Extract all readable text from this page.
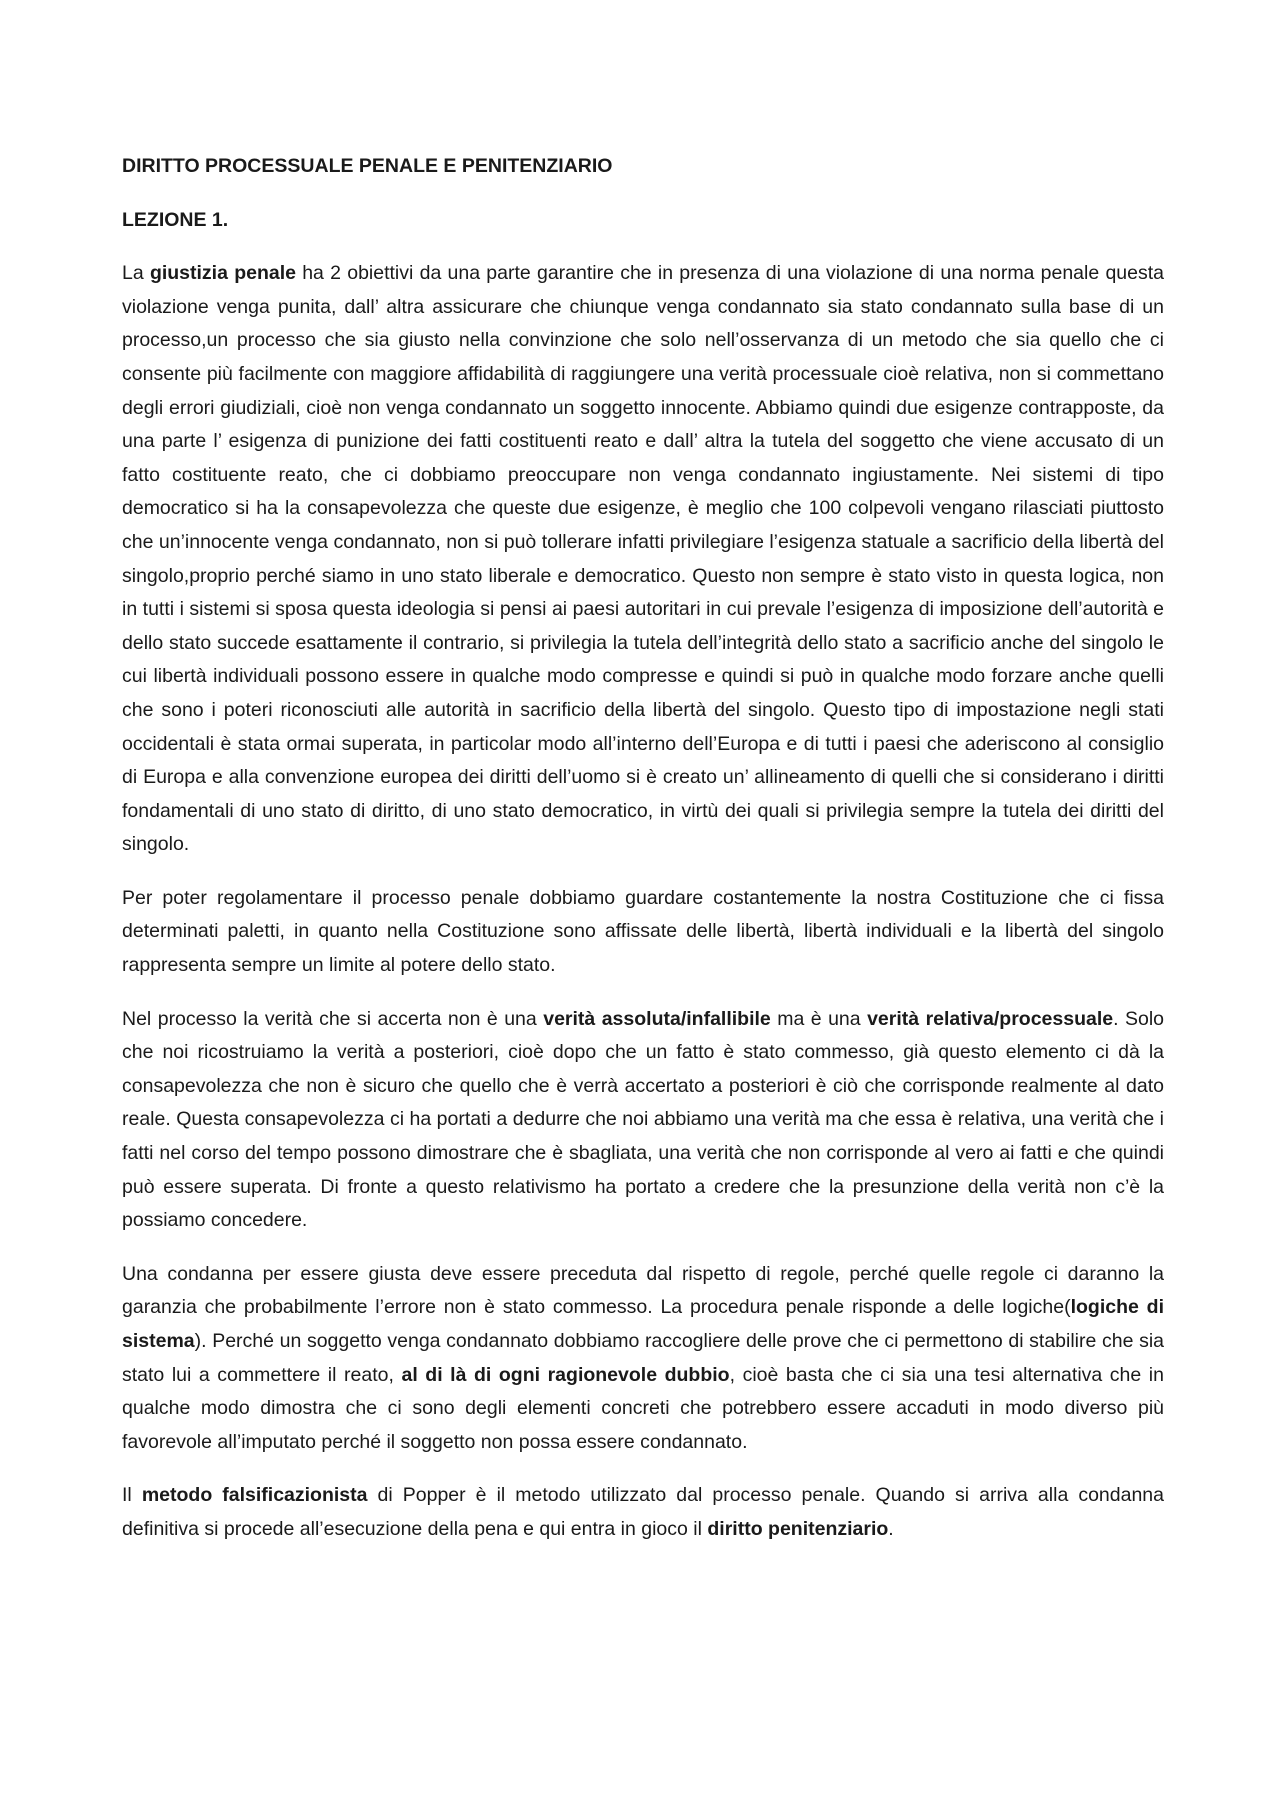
DIRITTO PROCESSUALE PENALE E PENITENZIARIO
LEZIONE 1.

La giustizia penale ha 2 obiettivi da una parte garantire che in presenza di una violazione di una norma penale questa violazione venga punita, dall’ altra assicurare che chiunque venga condannato sia stato condannato sulla base di un processo,un processo che sia giusto nella convinzione che solo nell’osservanza di un metodo che sia quello che ci consente più facilmente con maggiore affidabilità di raggiungere una verità processuale cioè relativa, non si commettano degli errori giudiziali, cioè non venga condannato un soggetto innocente. Abbiamo quindi due esigenze contrapposte, da una parte l’ esigenza di punizione dei fatti costituenti reato e dall’ altra la tutela del soggetto che viene accusato di un fatto costituente reato, che ci dobbiamo preoccupare non venga condannato ingiustamente. Nei sistemi di tipo democratico si ha la consapevolezza che queste due esigenze, è meglio che 100 colpevoli vengano rilasciati piuttosto che un’innocente venga condannato, non si può tollerare infatti privilegiare l’esigenza statuale a sacrificio della libertà del singolo,proprio perché siamo in uno stato liberale e democratico. Questo non sempre è stato visto in questa logica, non in tutti i sistemi si sposa questa ideologia si pensi ai paesi autoritari in cui prevale l’esigenza di imposizione dell’autorità e dello stato succede esattamente il contrario, si privilegia la tutela dell’integrità dello stato a sacrificio anche del singolo le cui libertà individuali possono essere in qualche modo compresse e quindi si può in qualche modo forzare anche quelli che sono i poteri riconosciuti alle autorità in sacrificio della libertà del singolo. Questo tipo di impostazione negli stati occidentali è stata ormai superata, in particolar modo all’interno dell’Europa e di tutti i paesi che aderiscono al consiglio di Europa e alla convenzione europea dei diritti dell’uomo si è creato un’ allineamento di quelli che si considerano i diritti fondamentali di uno stato di diritto, di uno stato democratico, in virtù dei quali si privilegia sempre la tutela dei diritti del singolo.

Per poter regolamentare il processo penale dobbiamo guardare costantemente la nostra Costituzione che ci fissa determinati paletti, in quanto nella Costituzione sono affissate delle libertà, libertà individuali e la libertà del singolo rappresenta sempre un limite al potere dello stato.

Nel processo la verità che si accerta non è una verità assoluta/infallibile ma è una verità relativa/processuale. Solo che noi ricostruiamo la verità a posteriori, cioè dopo che un fatto è stato commesso, già questo elemento ci dà la consapevolezza che non è sicuro che quello che è verrà accertato a posteriori è ciò che corrisponde realmente al dato reale. Questa consapevolezza ci ha portati a dedurre che noi abbiamo una verità ma che essa è relativa, una verità che i fatti nel corso del tempo possono dimostrare che è sbagliata, una verità che non corrisponde al vero ai fatti e che quindi può essere superata. Di fronte a questo relativismo ha portato a credere che la presunzione della verità non c’è la possiamo concedere.

Una condanna per essere giusta deve essere preceduta dal rispetto di regole, perché quelle regole ci daranno la garanzia che probabilmente l’errore non è stato commesso. La procedura penale risponde a delle logiche(logiche di sistema). Perché un soggetto venga condannato dobbiamo raccogliere delle prove che ci permettono di stabilire che sia stato lui a commettere il reato, al di là di ogni ragionevole dubbio, cioè basta che ci sia una tesi alternativa che in qualche modo dimostra che ci sono degli elementi concreti che potrebbero essere accaduti in modo diverso più favorevole all’imputato perché il soggetto non possa essere condannato.

Il metodo falsificazionista di Popper è il metodo utilizzato dal processo penale. Quando si arriva alla condanna definitiva si procede all’esecuzione della pena e qui entra in gioco il diritto penitenziario.
